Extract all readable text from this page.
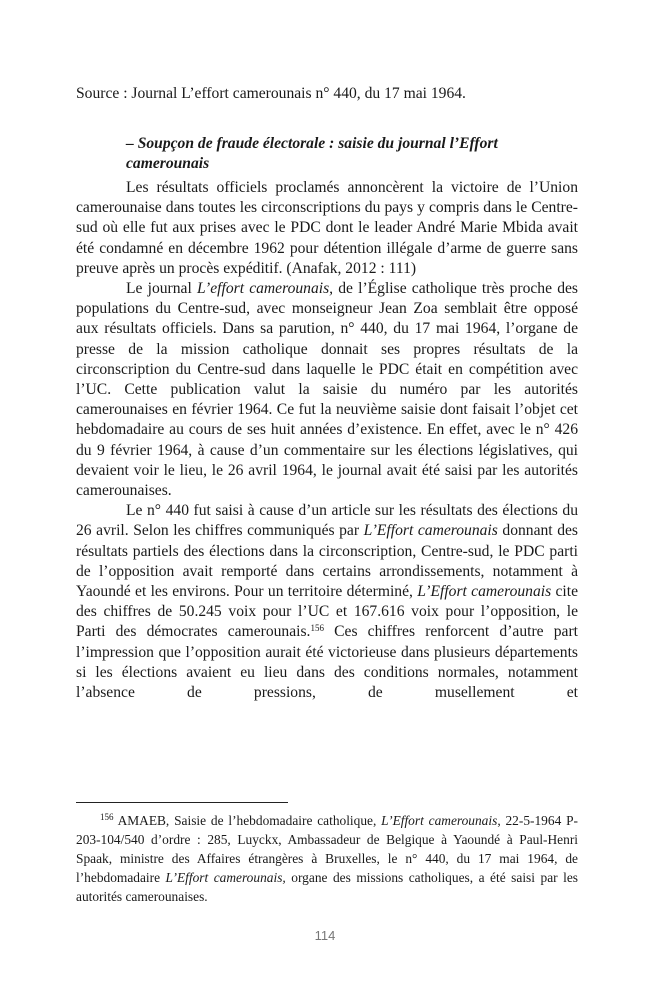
Source : Journal L’effort camerounais n° 440, du 17 mai 1964.
– Soupçon de fraude électorale : saisie du journal l’Effort camerounais

Les résultats officiels proclamés annoncèrent la victoire de l’Union camerounaise dans toutes les circonscriptions du pays y compris dans le Centre-sud où elle fut aux prises avec le PDC dont le leader André Marie Mbida avait été condamné en décembre 1962 pour détention illégale d’arme de guerre sans preuve après un procès expéditif. (Anafak, 2012 : 111)

Le journal L’effort camerounais, de l’Église catholique très proche des populations du Centre-sud, avec monseigneur Jean Zoa semblait être opposé aux résultats officiels. Dans sa parution, n° 440, du 17 mai 1964, l’organe de presse de la mission catholique donnait ses propres résultats de la circonscription du Centre-sud dans laquelle le PDC était en compétition avec l’UC. Cette publication valut la saisie du numéro par les autorités camerounaises en février 1964. Ce fut la neuvième saisie dont faisait l’objet cet hebdomadaire au cours de ses huit années d’existence. En effet, avec le n° 426 du 9 février 1964, à cause d’un commentaire sur les élections législatives, qui devaient voir le lieu, le 26 avril 1964, le journal avait été saisi par les autorités camerounaises.

Le n° 440 fut saisi à cause d’un article sur les résultats des élections du 26 avril. Selon les chiffres communiqués par L’Effort camerounais donnant des résultats partiels des élections dans la circonscription, Centre-sud, le PDC parti de l’opposition avait remporté dans certains arrondissements, notamment à Yaoundé et les environs. Pour un territoire déterminé, L’Effort camerounais cite des chiffres de 50.245 voix pour l’UC et 167.616 voix pour l’opposition, le Parti des démocrates camerounais.$^{156}$ Ces chiffres renforcent d’autre part l’impression que l’opposition aurait été victorieuse dans plusieurs départements si les élections avaient eu lieu dans des conditions normales, notamment l’absence de pressions, de musellement et

$^{156}$ AMAEB, Saisie de l’hebdomadaire catholique, L’Effort camerounais, 22-5-1964 P-203-104/540 d’ordre : 285, Luyckx, Ambassadeur de Belgique à Yaoundé à Paul-Henri Spaak, ministre des Affaires étrangères à Bruxelles, le n° 440, du 17 mai 1964, de l’hebdomadaire L’Effort camerounais, organe des missions catholiques, a été saisi par les autorités camerounaises.

114
